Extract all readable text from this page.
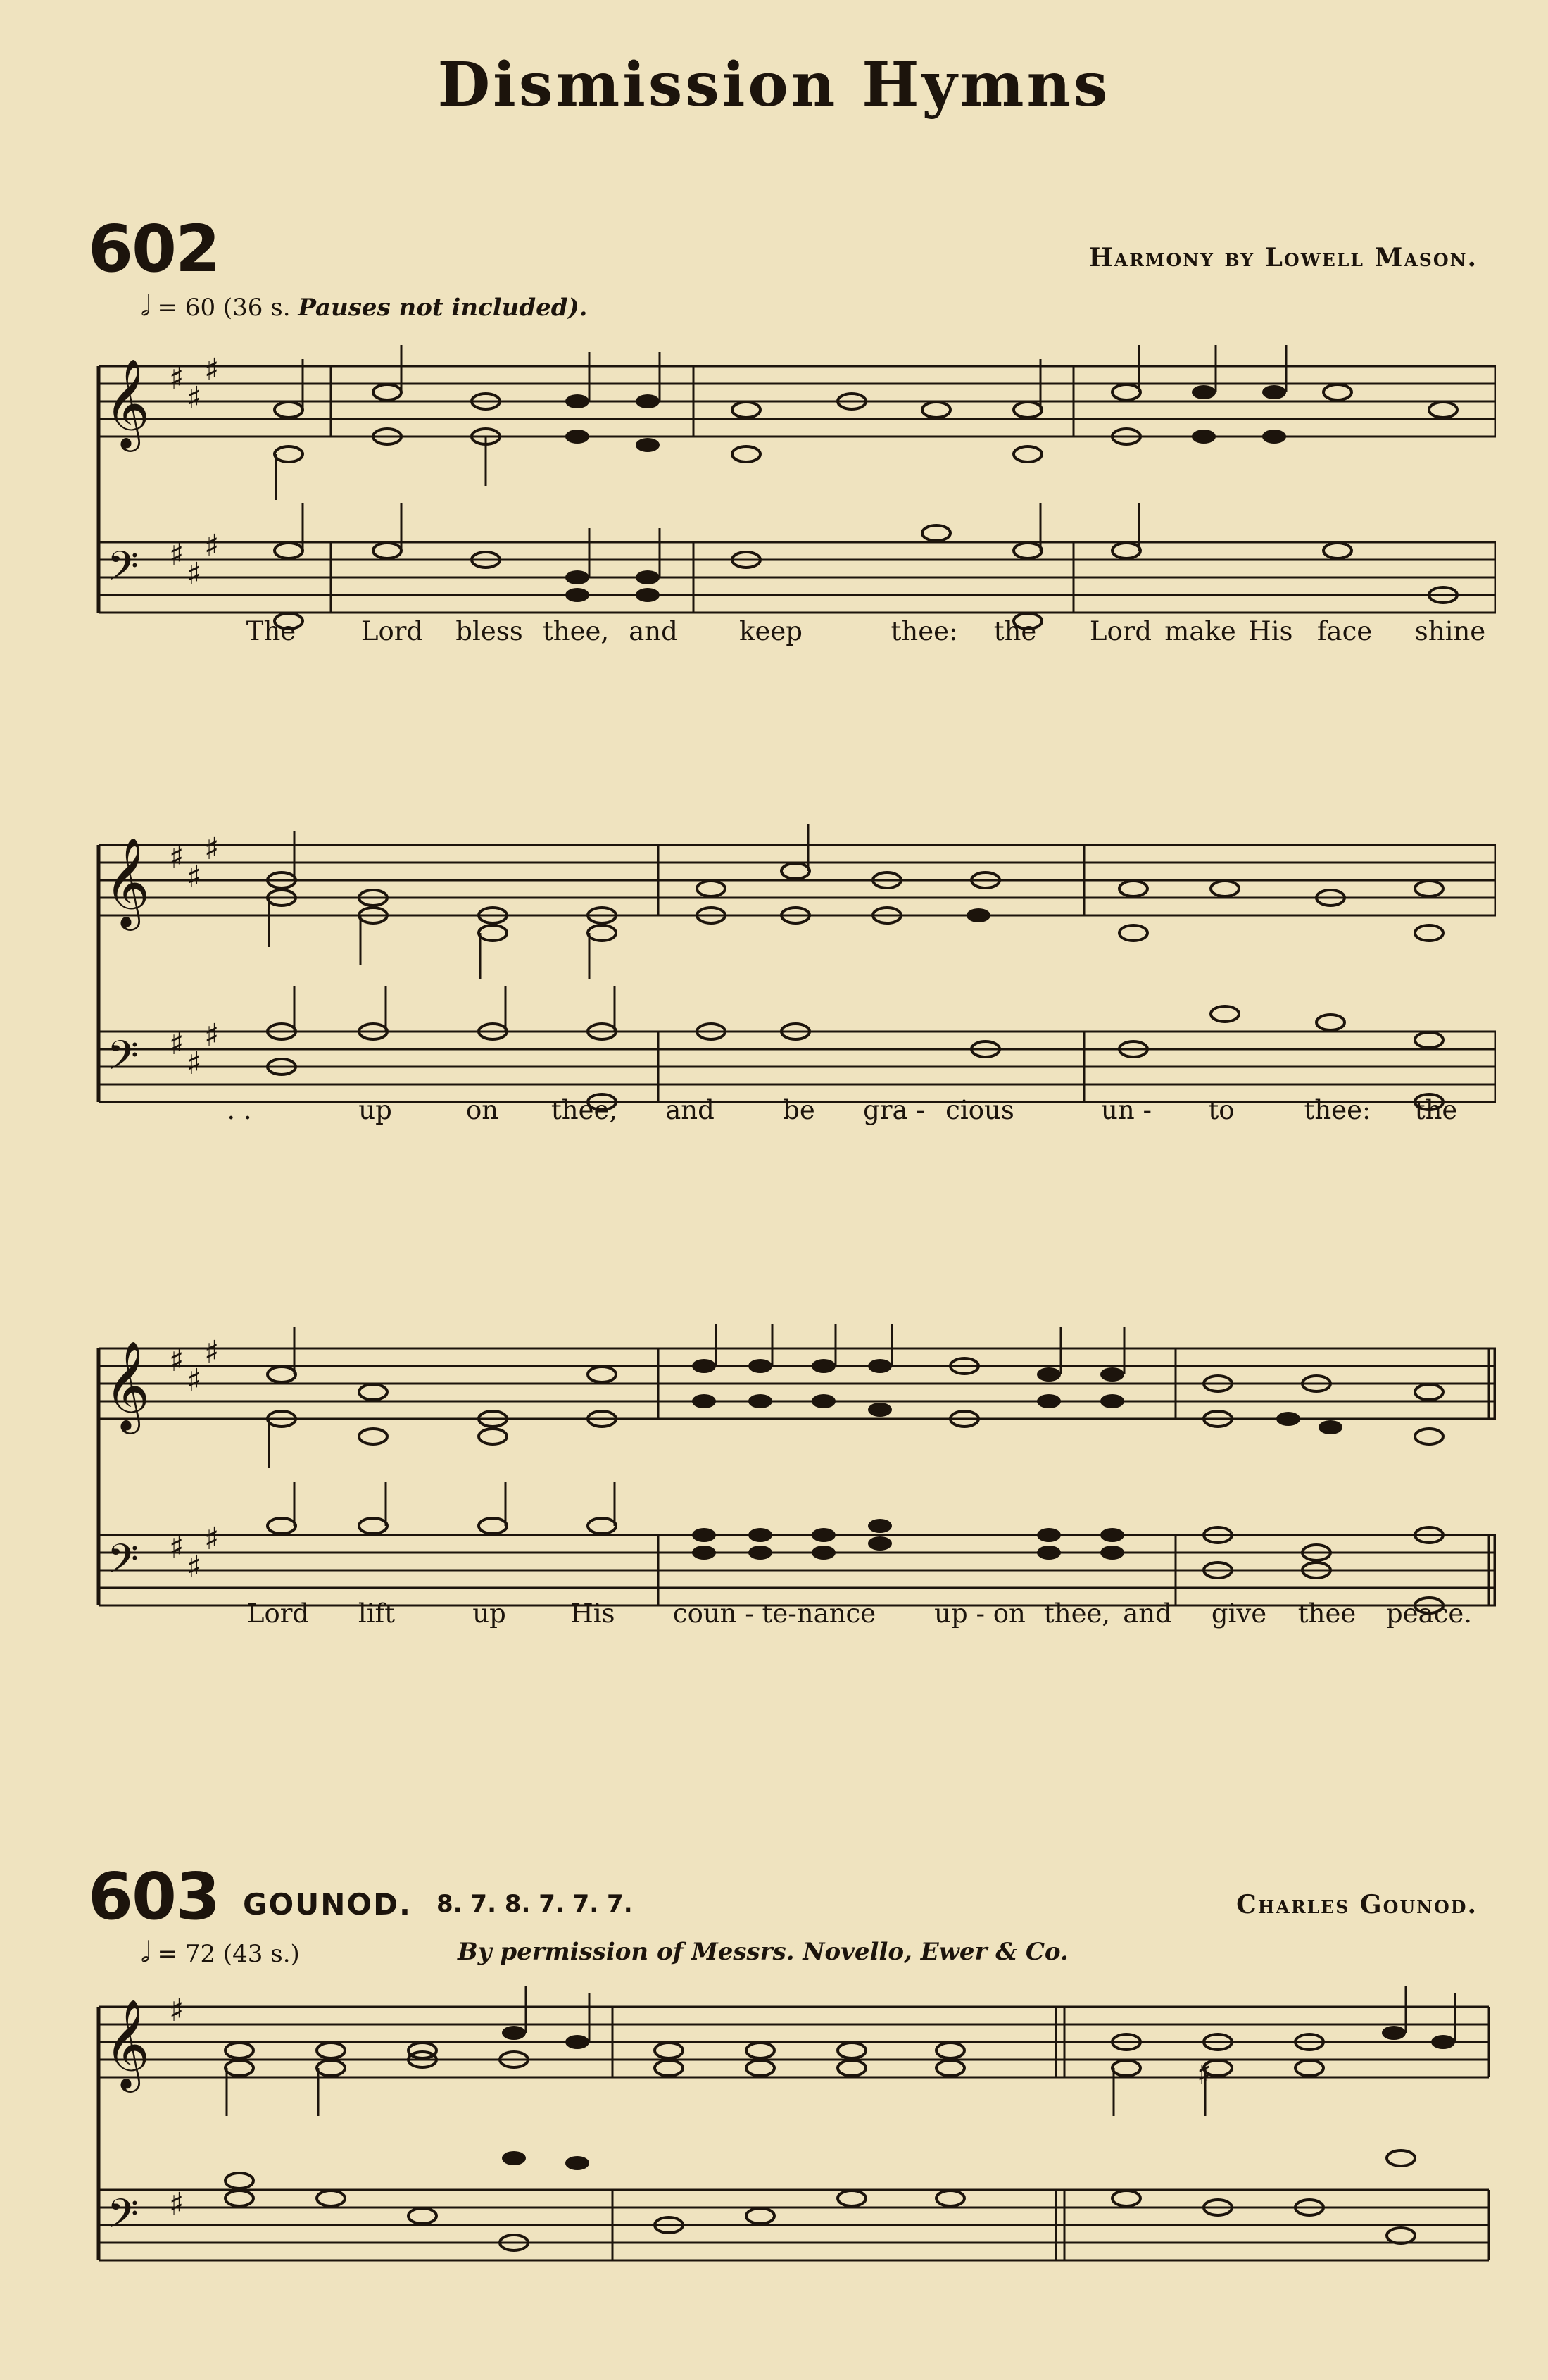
Dismission Hymns
602	Harmony by Lowell Mason.
𝅗𝅥 = 60 (36 s. Pauses not included).
𝄞
𝄢
♯
♯
♯
♯
♯
♯
The	Lord bless thee, and keep	thee: the Lord make His face shine
𝄞
𝄢
♯
♯
♯
♯
♯
♯
. .	up	on thee, and	be gra - cious	un - to	thee: the
𝄞
𝄢
♯
♯
♯
♯
♯
♯
Lord lift	up His coun - te-nance up - on thee, and give thee peace.
603 GOUNOD. 8. 7. 8. 7. 7. 7.	Charles Gounod.
𝅗𝅥 = 72 (43 s.)	By permission of Messrs. Novello, Ewer & Co.
𝄞
𝄢
♯
♯
♯
